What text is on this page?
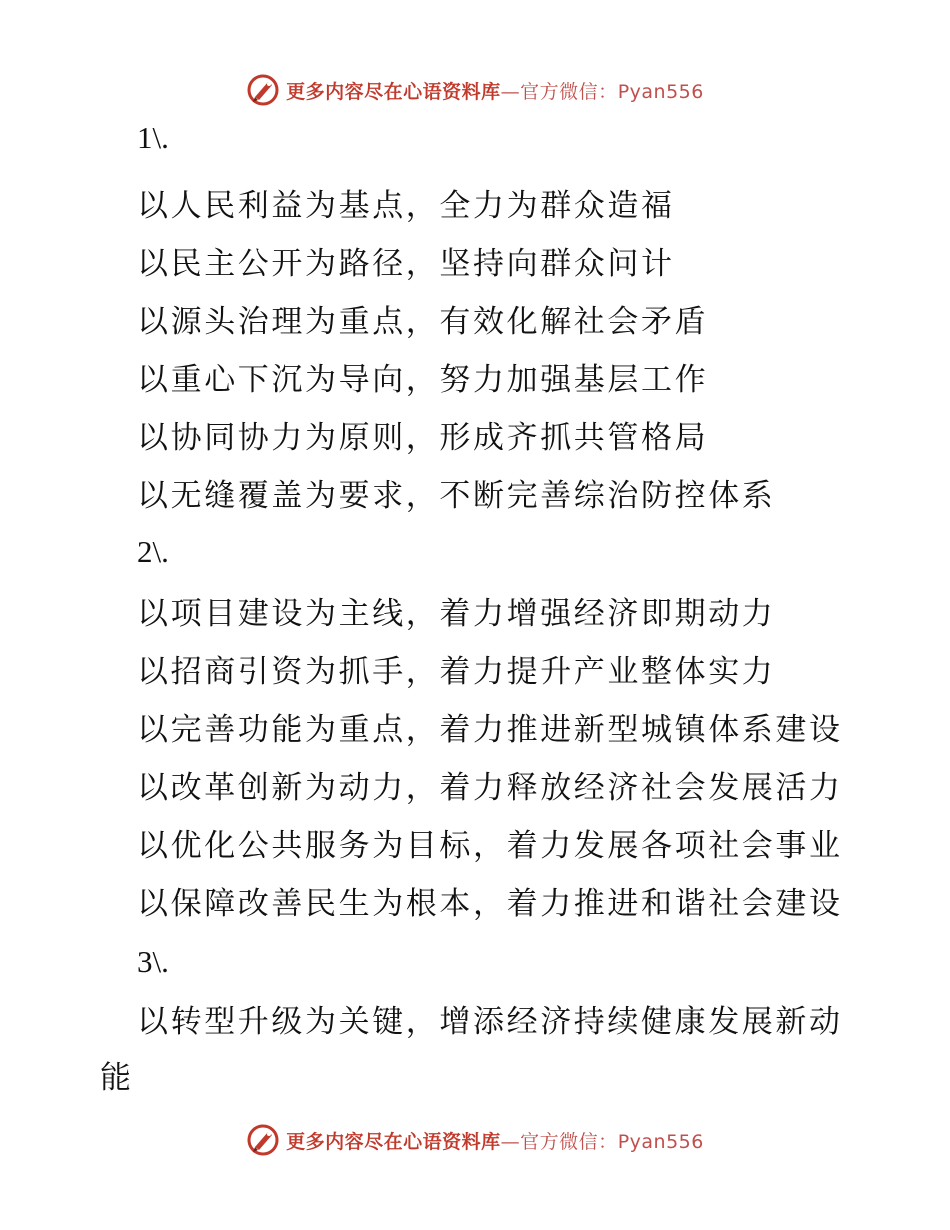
更多内容尽在心语资料库—官方微信：Pyan556
1\.
以人民利益为基点，全力为群众造福
以民主公开为路径，坚持向群众问计
以源头治理为重点，有效化解社会矛盾
以重心下沉为导向，努力加强基层工作
以协同协力为原则，形成齐抓共管格局
以无缝覆盖为要求，不断完善综治防控体系
2\.
以项目建设为主线，着力增强经济即期动力
以招商引资为抓手，着力提升产业整体实力
以完善功能为重点，着力推进新型城镇体系建设
以改革创新为动力，着力释放经济社会发展活力
以优化公共服务为目标，着力发展各项社会事业
以保障改善民生为根本，着力推进和谐社会建设
3\.
以转型升级为关键，增添经济持续健康发展新动
能
更多内容尽在心语资料库—官方微信：Pyan556
